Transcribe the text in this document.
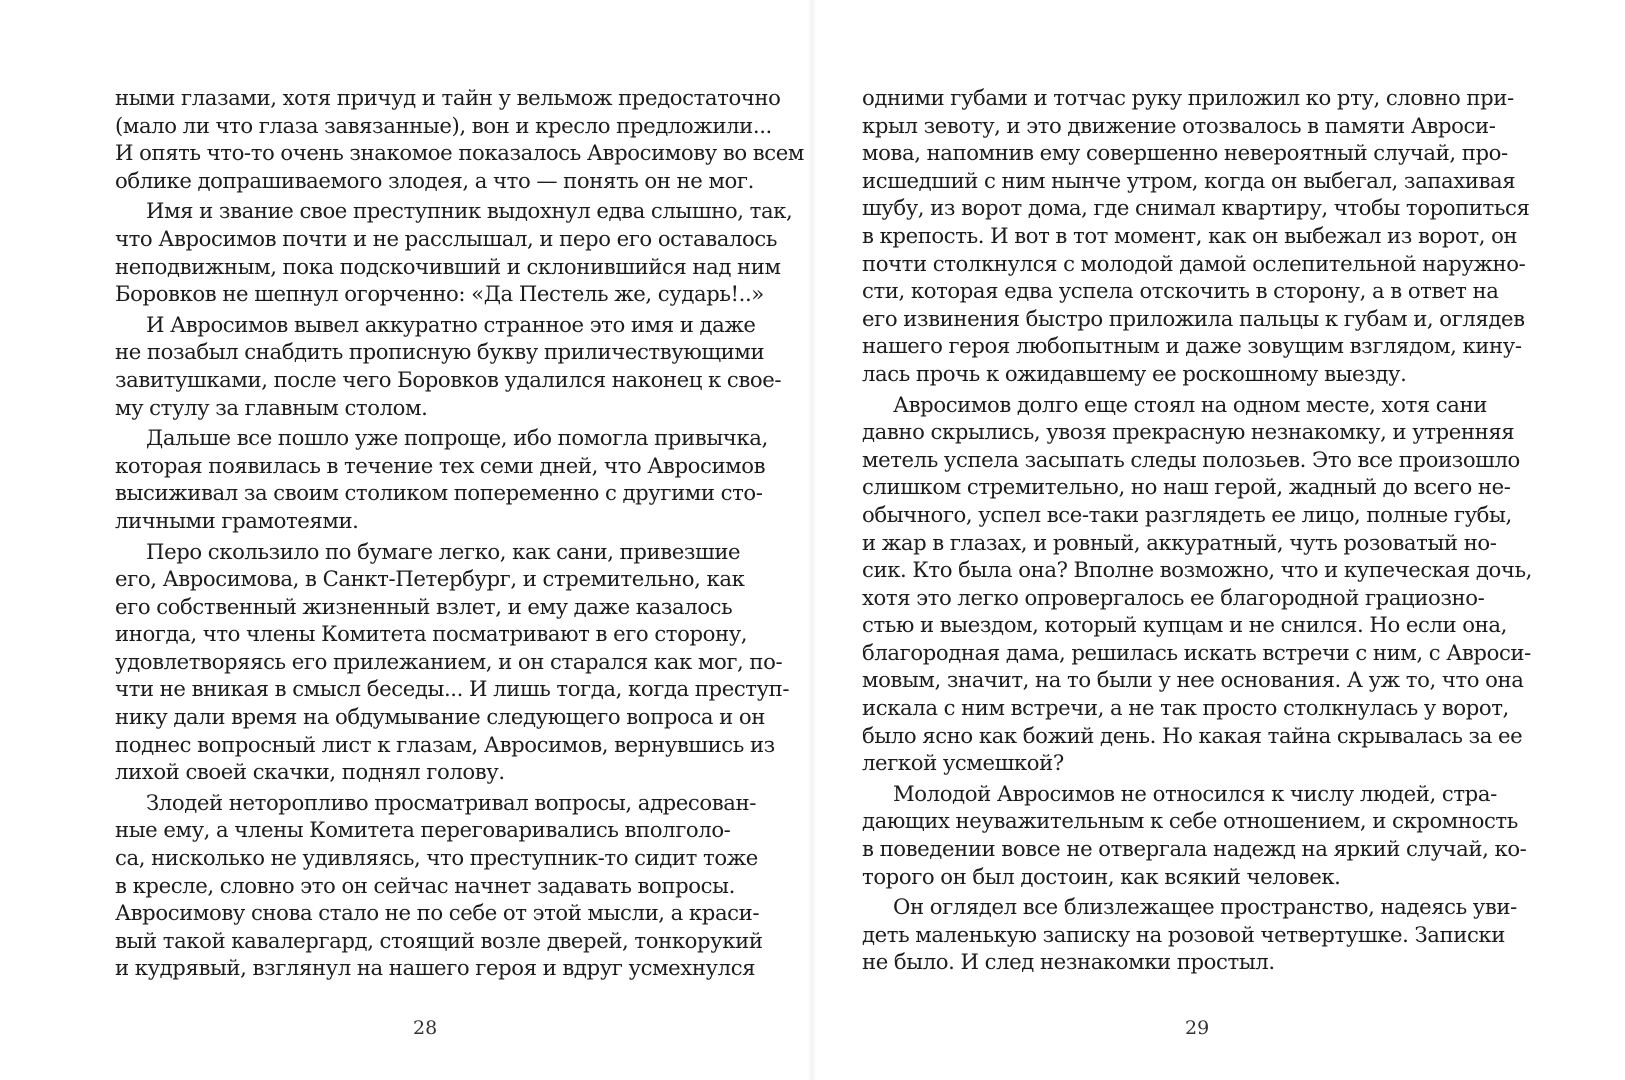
ными глазами, хотя причуд и тайн у вельмож предостаточно
(мало ли что глаза завязанные), вон и кресло предложили...
И опять что-то очень знакомое показалось Авросимову во всем
облике допрашиваемого злодея, а что — понять он не мог.
Имя и звание свое преступник выдохнул едва слышно, так,
что Авросимов почти и не расслышал, и перо его оставалось
неподвижным, пока подскочивший и склонившийся над ним
Боровков не шепнул огорченно: «Да Пестель же, сударь!..»
И Авросимов вывел аккуратно странное это имя и даже
не позабыл снабдить прописную букву приличествующими
завитушками, после чего Боровков удалился наконец к свое-
му стулу за главным столом.
Дальше все пошло уже попроще, ибо помогла привычка,
которая появилась в течение тех семи дней, что Авросимов
высиживал за своим столиком попеременно с другими сто-
личными грамотеями.
Перо скользило по бумаге легко, как сани, привезшие
его, Авросимова, в Санкт-Петербург, и стремительно, как
его собственный жизненный взлет, и ему даже казалось
иногда, что члены Комитета посматривают в его сторону,
удовлетворяясь его прилежанием, и он старался как мог, по-
чти не вникая в смысл беседы... И лишь тогда, когда преступ-
нику дали время на обдумывание следующего вопроса и он
поднес вопросный лист к глазам, Авросимов, вернувшись из
лихой своей скачки, поднял голову.
Злодей неторопливо просматривал вопросы, адресован-
ные ему, а члены Комитета переговаривались вполголо-
са, нисколько не удивляясь, что преступник-то сидит тоже
в кресле, словно это он сейчас начнет задавать вопросы.
Авросимову снова стало не по себе от этой мысли, а краси-
вый такой кавалергард, стоящий возле дверей, тонкорукий
и кудрявый, взглянул на нашего героя и вдруг усмехнулся
28
одними губами и тотчас руку приложил ко рту, словно при-
крыл зевоту, и это движение отозвалось в памяти Авроси-
мова, напомнив ему совершенно невероятный случай, про-
исшедший с ним нынче утром, когда он выбегал, запахивая
шубу, из ворот дома, где снимал квартиру, чтобы торопиться
в крепость. И вот в тот момент, как он выбежал из ворот, он
почти столкнулся с молодой дамой ослепительной наружно-
сти, которая едва успела отскочить в сторону, а в ответ на
его извинения быстро приложила пальцы к губам и, оглядев
нашего героя любопытным и даже зовущим взглядом, кину-
лась прочь к ожидавшему ее роскошному выезду.
Авросимов долго еще стоял на одном месте, хотя сани
давно скрылись, увозя прекрасную незнакомку, и утренняя
метель успела засыпать следы полозьев. Это все произошло
слишком стремительно, но наш герой, жадный до всего не-
обычного, успел все-таки разглядеть ее лицо, полные губы,
и жар в глазах, и ровный, аккуратный, чуть розоватый но-
сик. Кто была она? Вполне возможно, что и купеческая дочь,
хотя это легко опровергалось ее благородной грациозно-
стью и выездом, который купцам и не снился. Но если она,
благородная дама, решилась искать встречи с ним, с Авроси-
мовым, значит, на то были у нее основания. А уж то, что она
искала с ним встречи, а не так просто столкнулась у ворот,
было ясно как божий день. Но какая тайна скрывалась за ее
легкой усмешкой?
Молодой Авросимов не относился к числу людей, стра-
дающих неуважительным к себе отношением, и скромность
в поведении вовсе не отвергала надежд на яркий случай, ко-
торого он был достоин, как всякий человек.
Он оглядел все близлежащее пространство, надеясь уви-
деть маленькую записку на розовой четвертушке. Записки
не было. И след незнакомки простыл.
29
